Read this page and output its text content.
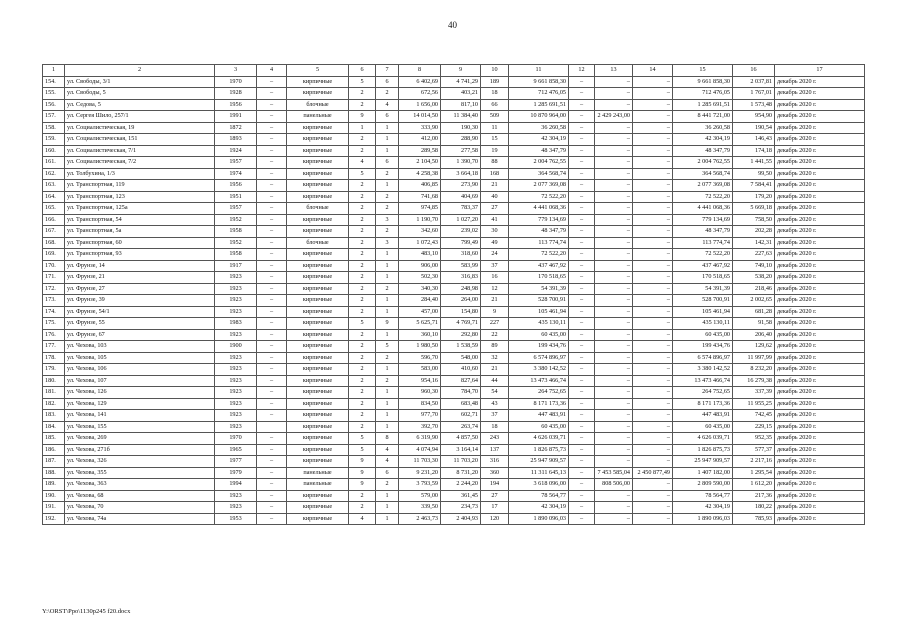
40
1	2	3	4	5	6	7	8	9	10	11	12	13	14	15	16	17
154.	ул. Свободы, 3/1	1970	–	кирпичные	5	6	6 402,69	4 741,29	189	9 661 858,30	–	–	–	9 661 858,30	2 037,81	декабрь 2020 г.
155.	ул. Свободы, 5	1928	–	кирпичные	2	2	672,56	403,21	18	712 476,05	–	–	–	712 476,05	1 767,01	декабрь 2020 г.
156.	ул. Седова, 5	1956	–	блочные	2	4	1 656,00	817,10	66	1 285 691,51	–	–	–	1 285 691,51	1 573,48	декабрь 2020 г.
157.	ул. Сергея Шило, 257/1	1991	–	панельные	9	6	14 014,50	11 384,40	509	10 870 964,00	–	2 429 243,00	–	8 441 721,00	954,90	декабрь 2020 г.
158.	ул. Социалистическая, 19	1872	–	кирпичные	1	1	333,90	190,30	11	36 260,58	–	–	–	36 260,58	190,54	декабрь 2020 г.
159.	ул. Социалистическая, 151	1893	–	кирпичные	2	1	412,00	288,90	15	42 304,19	–	–	–	42 304,19	146,43	декабрь 2020 г.
160.	ул. Социалистическая, 7/1	1924	–	кирпичные	2	1	289,58	277,58	19	48 347,79	–	–	–	48 347,79	174,18	декабрь 2020 г.
161.	ул. Социалистическая, 7/2	1957	–	кирпичные	4	6	2 104,50	1 390,70	88	2 004 762,55	–	–	–	2 004 762,55	1 441,55	декабрь 2020 г.
162.	ул. Толбухина, 1/3	1974	–	кирпичные	5	2	4 258,38	3 664,18	168	364 568,74	–	–	–	364 568,74	99,50	декабрь 2020 г.
163.	ул. Транспортная, 119	1956	–	кирпичные	2	1	406,85	273,90	21	2 077 369,08	–	–	–	2 077 369,08	7 584,41	декабрь 2020 г.
164.	ул. Транспортная, 123	1951	–	кирпичные	2	2	741,68	404,69	40	72 522,20	–	–	–	72 522,20	179,20	декабрь 2020 г.
165.	ул. Транспортная, 125а	1957	–	блочные	2	2	974,85	783,37	27	4 441 068,36	–	–	–	4 441 068,36	5 669,18	декабрь 2020 г.
166.	ул. Транспортная, 54	1952	–	кирпичные	2	3	1 190,70	1 027,20	41	779 134,69	–	–	–	779 134,69	758,50	декабрь 2020 г.
167.	ул. Транспортная, 5а	1958	–	кирпичные	2	2	342,60	239,02	30	48 347,79	–	–	–	48 347,79	202,28	декабрь 2020 г.
168.	ул. Транспортная, 60	1952	–	блочные	2	3	1 072,43	799,49	49	113 774,74	–	–	–	113 774,74	142,31	декабрь 2020 г.
169.	ул. Транспортная, 93	1958	–	кирпичные	2	1	483,10	318,60	24	72 522,20	–	–	–	72 522,20	227,63	декабрь 2020 г.
170.	ул. Фрунзе, 14	1917	–	кирпичные	2	1	906,00	583,99	37	437 467,92	–	–	–	437 467,92	749,10	декабрь 2020 г.
171.	ул. Фрунзе, 21	1923	–	кирпичные	2	1	502,30	316,83	16	170 518,65	–	–	–	170 518,65	538,20	декабрь 2020 г.
172.	ул. Фрунзе, 27	1923	–	кирпичные	2	2	340,30	248,98	12	54 391,39	–	–	–	54 391,39	218,46	декабрь 2020 г.
173.	ул. Фрунзе, 39	1923	–	кирпичные	2	1	284,40	264,00	21	528 700,91	–	–	–	528 700,91	2 002,65	декабрь 2020 г.
174.	ул. Фрунзе, 54/1	1923	–	кирпичные	2	1	457,00	154,80	9	105 461,94	–	–	–	105 461,94	681,28	декабрь 2020 г.
175.	ул. Фрунзе, 55	1983	–	кирпичные	5	9	5 625,71	4 769,71	227	435 130,11	–	–	–	435 130,11	91,58	декабрь 2020 г.
176.	ул. Фрунзе, 67	1923	–	кирпичные	2	1	360,10	292,80	22	60 435,00	–	–	–	60 435,00	206,40	декабрь 2020 г.
177.	ул. Чехова, 103	1900	–	кирпичные	2	5	1 980,50	1 538,59	89	199 434,76	–	–	–	199 434,76	129,62	декабрь 2020 г.
178.	ул. Чехова, 105	1923	–	кирпичные	2	2	596,70	548,00	32	6 574 896,97	–	–	–	6 574 896,97	11 997,99	декабрь 2020 г.
179.	ул. Чехова, 106	1923	–	кирпичные	2	1	583,00	410,60	21	3 380 142,52	–	–	–	3 380 142,52	8 232,20	декабрь 2020 г.
180.	ул. Чехова, 107	1923	–	кирпичные	2	2	954,16	827,64	44	13 473 466,74	–	–	–	13 473 466,74	16 279,38	декабрь 2020 г.
181.	ул. Чехова, 126	1923	–	кирпичные	2	1	960,30	784,70	54	264 752,65	–	–	–	264 752,65	337,39	декабрь 2020 г.
182.	ул. Чехова, 129	1923	–	кирпичные	2	1	834,50	683,48	43	8 171 173,36	–	–	–	8 171 173,36	11 955,25	декабрь 2020 г.
183.	ул. Чехова, 141	1923	–	кирпичные	2	1	977,70	602,71	37	447 483,91	–	–	–	447 483,91	742,45	декабрь 2020 г.
184.	ул. Чехова, 155	1923		кирпичные	2	1	392,70	263,74	18	60 435,00	–	–	–	60 435,00	229,15	декабрь 2020 г.
185.	ул. Чехова, 269	1970	–	кирпичные	5	8	6 319,90	4 857,50	243	4 626 039,71	–	–	–	4 626 039,71	952,35	декабрь 2020 г.
186.	ул. Чехова, 271б	1965	–	кирпичные	5	4	4 074,94	3 164,14	137	1 826 875,73	–	–	–	1 826 875,73	577,37	декабрь 2020 г.
187.	ул. Чехова, 326	1977	–	кирпичные	9	4	11 703,30	11 703,20	316	25 947 909,57	–	–	–	25 947 909,57	2 217,16	декабрь 2020 г.
188.	ул. Чехова, 355	1979	–	панельные	9	6	9 231,20	8 731,20	360	11 311 645,13	–	7 453 585,04	2 450 877,49	1 407 182,00	1 295,54	декабрь 2020 г.
189.	ул. Чехова, 363	1994	–	панельные	9	2	3 793,59	2 244,20	194	3 618 096,00	–	808 506,00	–	2 809 590,00	1 612,20	декабрь 2020 г.
190.	ул. Чехова, 68	1923	–	кирпичные	2	1	579,00	361,45	27	78 564,77	–	–	–	78 564,77	217,36	декабрь 2020 г.
191.	ул. Чехова, 70	1923	–	кирпичные	2	1	339,50	234,73	17	42 304,19	–	–	–	42 304,19	180,22	декабрь 2020 г.
192.	ул. Чехова, 74а	1953	–	кирпичные	4	1	2 463,73	2 404,93	120	1 890 096,03	–	–	–	1 890 096,03	785,93	декабрь 2020 г.
Y:\ORST\Ppo\1130p245 f20.docx
